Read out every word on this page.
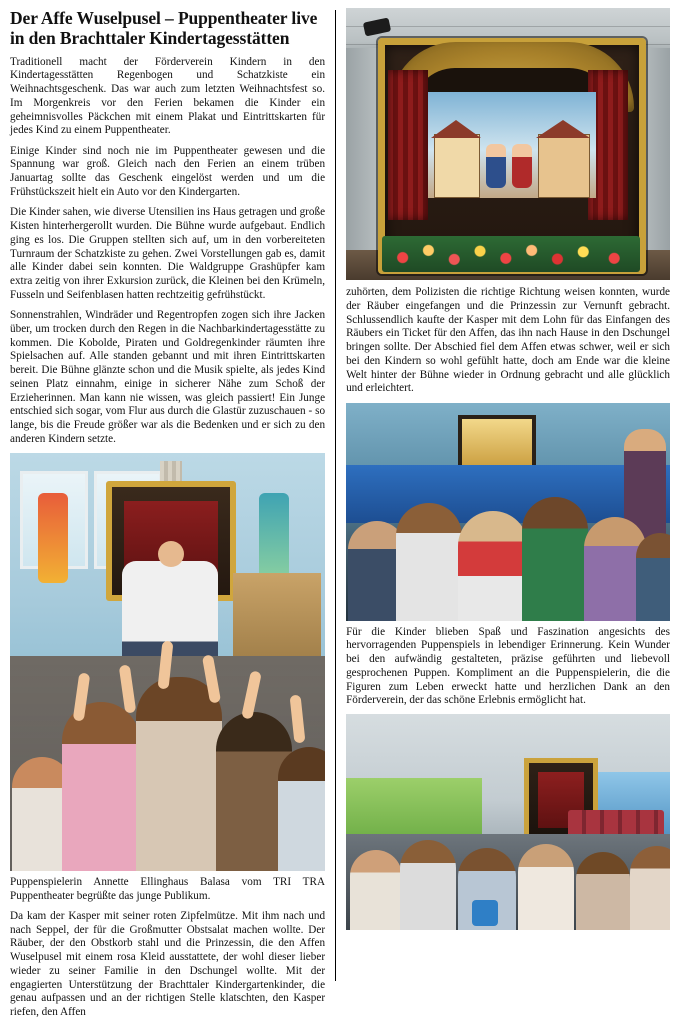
Der Affe Wuselpusel – Puppentheater live in den Brachttaler Kindertagesstätten

Traditionell macht der Förderverein Kindern in den Kindertagesstätten Regenbogen und Schatzkiste ein Weihnachtsgeschenk. Das war auch zum letzten Weihnachtsfest so. Im Morgenkreis vor den Ferien bekamen die Kinder ein geheimnisvolles Päckchen mit einem Plakat und Eintrittskarten für jedes Kind zu einem Puppentheater.

Einige Kinder sind noch nie im Puppentheater gewesen und die Spannung war groß. Gleich nach den Ferien an einem trüben Januartag sollte das Geschenk eingelöst werden und um die Frühstückszeit hielt ein Auto vor den Kindergarten.

Die Kinder sahen, wie diverse Utensilien ins Haus getragen und große Kisten hinterhergerollt wurden. Die Bühne wurde aufgebaut. Endlich ging es los. Die Gruppen stellten sich auf, um in den vorbereiteten Turnraum der Schatzkiste zu gehen. Zwei Vorstellungen gab es, damit alle Kinder dabei sein konnten. Die Waldgruppe Grashüpfer kam extra zeitig von ihrer Exkursion zurück, die Kleinen bei den Krümeln, Fusseln und Seifenblasen hatten rechtzeitig gefrühstückt.

Sonnenstrahlen, Windräder und Regentropfen zogen sich ihre Jacken über, um trocken durch den Regen in die Nachbarkindertagesstätte zu kommen. Die Kobolde, Piraten und Goldregenkinder räumten ihre Spielsachen auf. Alle standen gebannt und mit ihren Eintrittskarten bereit. Die Bühne glänzte schon und die Musik spielte, als jedes Kind seinen Platz einnahm, einige in sicherer Nähe zum Schoß der Erzieherinnen. Man kann nie wissen, was gleich passiert! Ein Junge entschied sich sogar, vom Flur aus durch die Glastür zuzuschauen - so lange, bis die Freude größer war als die Bedenken und er sich zu den anderen Kindern setzte.

Puppenspielerin Annette Ellinghaus Balasa vom TRI TRA Puppentheater begrüßte das junge Publikum.

Da kam der Kasper mit seiner roten Zipfelmütze. Mit ihm nach und nach Seppel, der für die Großmutter Obstsalat machen wollte. Der Räuber, der den Obstkorb stahl und die Prinzessin, die den Affen Wuselpusel mit einem rosa Kleid ausstattete, der wohl dieser lieber wieder zu seiner Familie in den Dschungel wollte. Mit der engagierten Unterstützung der Brachttaler Kindergartenkinder, die genau aufpassen und an der richtigen Stelle klatschten, den Kasper riefen, den Affen

zuhörten, dem Polizisten die richtige Richtung weisen konnten, wurde der Räuber eingefangen und die Prinzessin zur Vernunft gebracht. Schlussendlich kaufte der Kasper mit dem Lohn für das Einfangen des Räubers ein Ticket für den Affen, das ihn nach Hause in den Dschungel bringen sollte. Der Abschied fiel dem Affen etwas schwer, weil er sich bei den Kindern so wohl gefühlt hatte, doch am Ende war die kleine Welt hinter der Bühne wieder in Ordnung gebracht und alle glücklich und erleichtert.

Für die Kinder blieben Spaß und Faszination angesichts des hervorragenden Puppenspiels in lebendiger Erinnerung. Kein Wunder bei den aufwändig gestalteten, präzise geführten und liebevoll gesprochenen Puppen. Kompliment an die Puppenspielerin, die die Figuren zum Leben erweckt hatte und herzlichen Dank an den Förderverein, der das schöne Erlebnis ermöglicht hat.
